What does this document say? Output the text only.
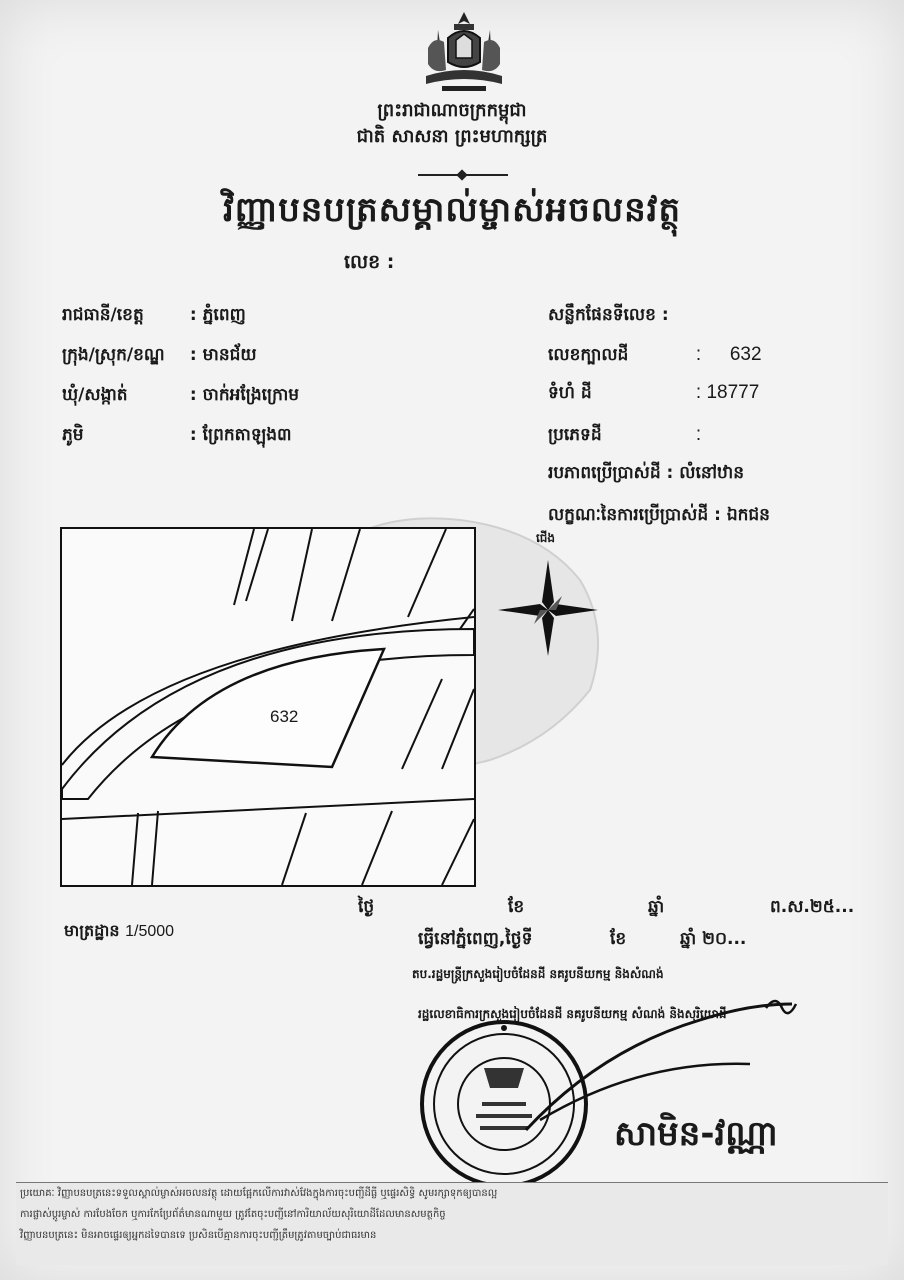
ព្រះរាជាណាចក្រកម្ពុជា
ជាតិ សាសនា ព្រះមហាក្សត្រ
វិញ្ញាបនបត្រសម្គាល់ម្ចាស់អចលនវត្ថុ
លេខ :
រាជធានី/ខេត្ត	: ភ្នំពេញ
ក្រុង/ស្រុក/ខណ្ឌ : មានជ័យ
ឃុំ/សង្កាត់	: ចាក់អង្រែក្រោម
ភូមិ	: ព្រែកតាឡុង៣
សន្លឹកផែនទីលេខ :
លេខក្បាលដី	: 632
ទំហំ ដី	: 18777
ប្រភេទដី	:
របភាពប្រើប្រាស់ដី : លំនៅឋាន
លក្ខណៈនៃការប្រើប្រាស់ដី : ឯកជន
632
ជើង
ថ្ងៃ	ខែ	ឆ្នាំ	ព.ស.២៥...
មាត្រដ្ឋាន 1/5000	ធ្វើនៅភ្នំពេញ,ថ្ងៃទី	ខែ	ឆ្នាំ ២០...
តប.រដ្ឋមន្ត្រីក្រសួងរៀបចំដែនដី នគរូបនីយកម្ម និងសំណង់
រដ្ឋលេខាធិការក្រសួងរៀបចំដែនដី នគរូបនីយកម្ម សំណង់ និងសុរិយោដី
សាមិន-វណ្ណា

ប្រយោគៈ វិញ្ញាបនបត្រនេះទទួលស្គាល់ម្ចាស់អចលនវត្ថុ ដោយផ្អែកលើការវាស់វែងក្នុងការចុះបញ្ជីដីធ្លី ឬផ្ទេរសិទ្ធិ សូមរក្សាទុកឲ្យបានល្អ

ការផ្លាស់ប្តូរម្ចាស់ ការបែងចែក ឬការកែប្រែព័ត៌មានណាមួយ ត្រូវតែចុះបញ្ជីនៅការិយាល័យសុរិយោដីដែលមានសមត្ថកិច្ច

វិញ្ញាបនបត្រនេះ មិនអាចផ្ទេរឲ្យអ្នកដទៃបានទេ ប្រសិនបើគ្មានការចុះបញ្ជីត្រឹមត្រូវតាមច្បាប់ជាធរមាន
